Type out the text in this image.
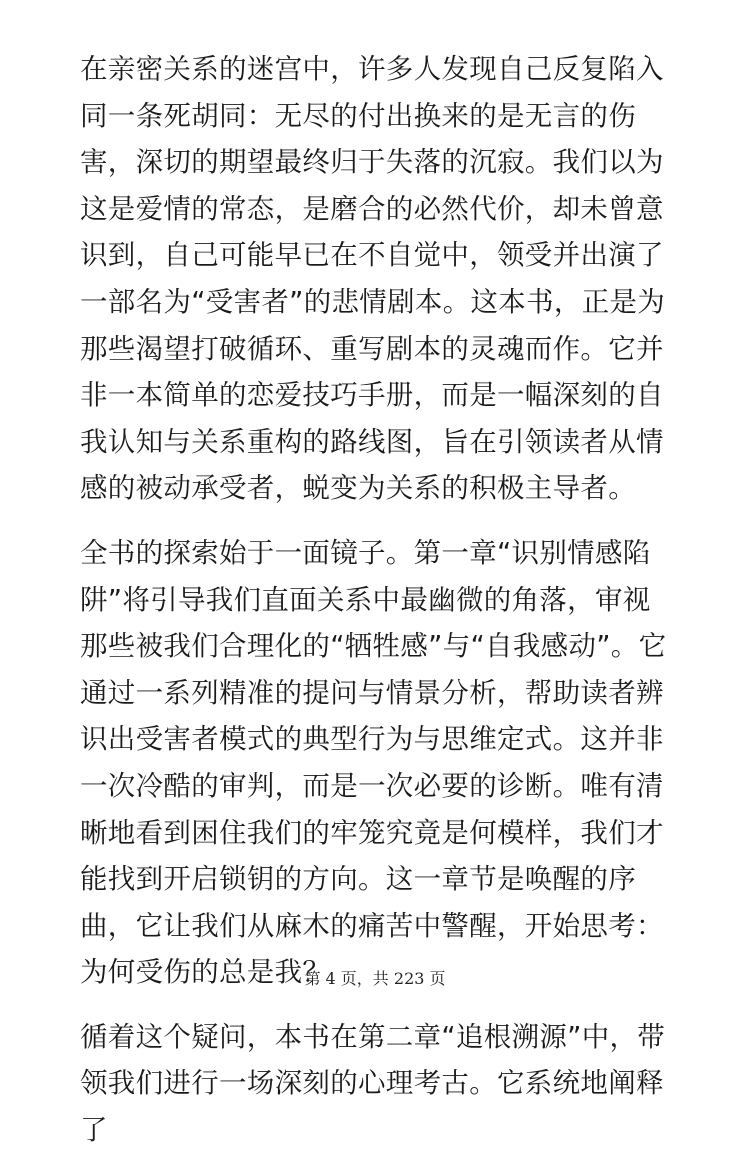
在亲密关系的迷宫中，许多人发现自己反复陷入同一条死胡同：无尽的付出换来的是无言的伤害，深切的期望最终归于失落的沉寂。我们以为这是爱情的常态，是磨合的必然代价，却未曾意识到，自己可能早已在不自觉中，领受并出演了一部名为“受害者”的悲情剧本。这本书，正是为那些渴望打破循环、重写剧本的灵魂而作。它并非一本简单的恋爱技巧手册，而是一幅深刻的自我认知与关系重构的路线图，旨在引领读者从情感的被动承受者，蜕变为关系的积极主导者。

全书的探索始于一面镜子。第一章“识别情感陷阱”将引导我们直面关系中最幽微的角落，审视那些被我们合理化的“牺牲感”与“自我感动”。它通过一系列精准的提问与情景分析，帮助读者辨识出受害者模式的典型行为与思维定式。这并非一次冷酷的审判，而是一次必要的诊断。唯有清晰地看到困住我们的牢笼究竟是何模样，我们才能找到开启锁钥的方向。这一章节是唤醒的序曲，它让我们从麻木的痛苦中警醒，开始思考：为何受伤的总是我？

循着这个疑问，本书在第二章“追根溯源”中，带领我们进行一场深刻的心理考古。它系统地阐释了

第 4 页，共 223 页
